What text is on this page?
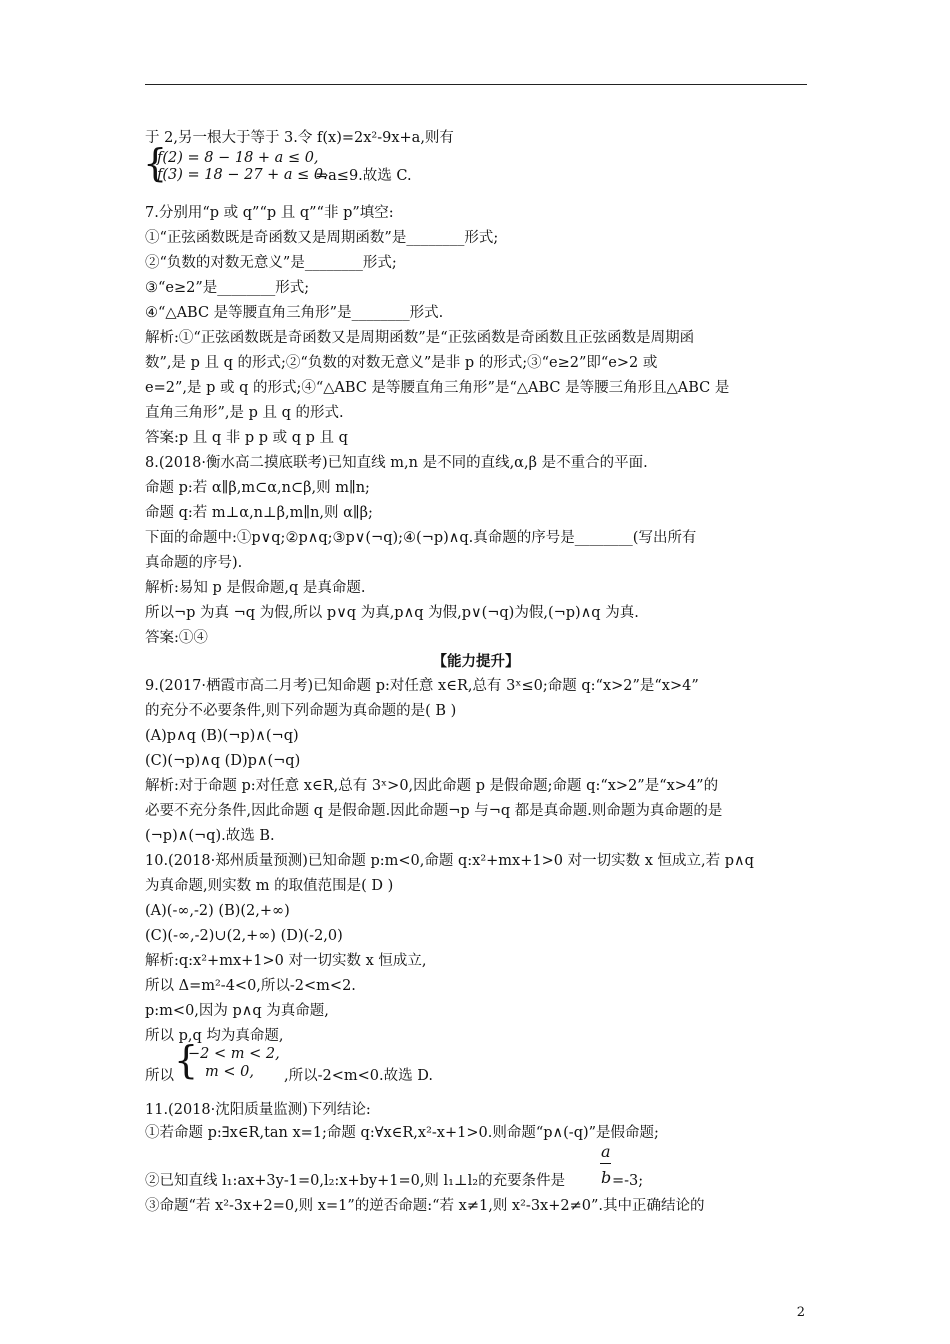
于 2,另一根大于等于 3.令 f(x)=2x²-9x+a,则有
{
f(2) = 8 − 18 + a ≤ 0,
f(3) = 18 − 27 + a ≤ 0.
⇒a≤9.故选 C.
7.分别用“p 或 q”“p 且 q”“非 p”填空:
①“正弦函数既是奇函数又是周期函数”是________形式;
②“负数的对数无意义”是________形式;
③“e≥2”是________形式;
④“△ABC 是等腰直角三角形”是________形式.
解析:①“正弦函数既是奇函数又是周期函数”是“正弦函数是奇函数且正弦函数是周期函
数”,是 p 且 q 的形式;②“负数的对数无意义”是非 p 的形式;③“e≥2”即“e>2 或
e=2”,是 p 或 q 的形式;④“△ABC 是等腰直角三角形”是“△ABC 是等腰三角形且△ABC 是
直角三角形”,是 p 且 q 的形式.
答案:p 且 q 非 p p 或 q p 且 q
8.(2018·衡水高二摸底联考)已知直线 m,n 是不同的直线,α,β 是不重合的平面.
命题 p:若 α∥β,m⊂α,n⊂β,则 m∥n;
命题 q:若 m⊥α,n⊥β,m∥n,则 α∥β;
下面的命题中:①p∨q;②p∧q;③p∨(¬q);④(¬p)∧q.真命题的序号是________(写出所有
真命题的序号).
解析:易知 p 是假命题,q 是真命题.
所以¬p 为真 ¬q 为假,所以 p∨q 为真,p∧q 为假,p∨(¬q)为假,(¬p)∧q 为真.
答案:①④
【能力提升】
9.(2017·栖霞市高二月考)已知命题 p:对任意 x∈R,总有 3ˣ≤0;命题 q:“x>2”是“x>4”
的充分不必要条件,则下列命题为真命题的是( B )
(A)p∧q (B)(¬p)∧(¬q)
(C)(¬p)∧q (D)p∧(¬q)
解析:对于命题 p:对任意 x∈R,总有 3ˣ>0,因此命题 p 是假命题;命题 q:“x>2”是“x>4”的
必要不充分条件,因此命题 q 是假命题.因此命题¬p 与¬q 都是真命题.则命题为真命题的是
(¬p)∧(¬q).故选 B.
10.(2018·郑州质量预测)已知命题 p:m<0,命题 q:x²+mx+1>0 对一切实数 x 恒成立,若 p∧q
为真命题,则实数 m 的取值范围是( D )
(A)(-∞,-2) (B)(2,+∞)
(C)(-∞,-2)∪(2,+∞) (D)(-2,0)
解析:q:x²+mx+1>0 对一切实数 x 恒成立,
所以 Δ=m²-4<0,所以-2<m<2.
p:m<0,因为 p∧q 为真命题,
所以 p,q 均为真命题,
所以 {
−2 < m < 2,
m < 0, ,所以-2<m<0.故选 D.
11.(2018·沈阳质量监测)下列结论:
①若命题 p:∃x∈R,tan x=1;命题 q:∀x∈R,x²-x+1>0.则命题“p∧(-q)”是假命题;
a
②已知直线 l₁:ax+3y-1=0,l₂:x+by+1=0,则 l₁⊥l₂的充要条件是 b =-3;
③命题“若 x²-3x+2=0,则 x=1”的逆否命题:“若 x≠1,则 x²-3x+2≠0”.其中正确结论的
2
